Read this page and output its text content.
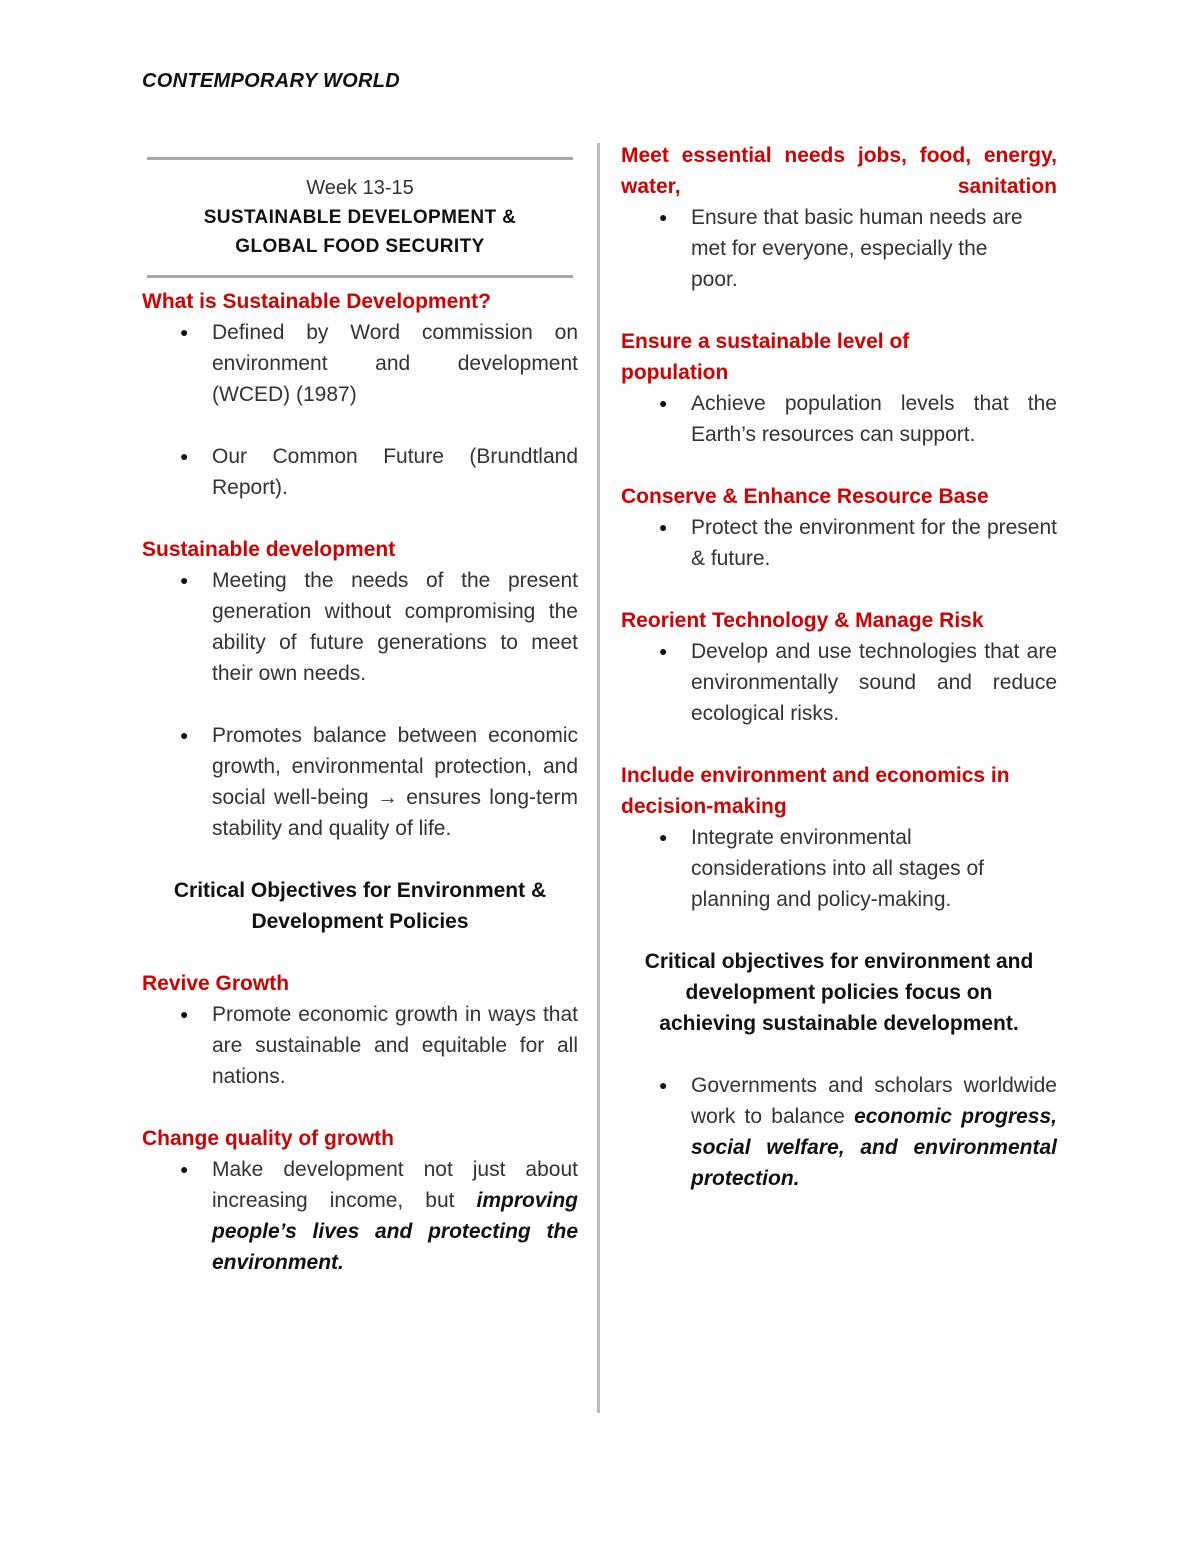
CONTEMPORARY WORLD
Week 13-15
SUSTAINABLE DEVELOPMENT &
GLOBAL FOOD SECURITY

What is Sustainable Development?

● Defined by Word commission on environment and development (WCED) (1987)
● Our Common Future (Brundtland Report).

Sustainable development

● Meeting the needs of the present generation without compromising the ability of future generations to meet their own needs.
● Promotes balance between economic growth, environmental protection, and social well-being → ensures long-term stability and quality of life.

Critical Objectives for Environment &

Development Policies

Revive Growth

● Promote economic growth in ways that are sustainable and equitable for all nations.

Change quality of growth

● Make development not just about increasing income, but improving people’s lives and protecting the environment.

Meet essential needs jobs, food, energy, water, sanitation

● Ensure that basic human needs are met for everyone, especially the poor.

Ensure a sustainable level of

population

● Achieve population levels that the Earth’s resources can support.

Conserve & Enhance Resource Base

● Protect the environment for the present & future.

Reorient Technology & Manage Risk

● Develop and use technologies that are environmentally sound and reduce ecological risks.

Include environment and economics in

decision-making

● Integrate environmental considerations into all stages of planning and policy-making.

Critical objectives for environment and

development policies focus on

achieving sustainable development.

● Governments and scholars worldwide work to balance economic progress, social welfare, and environmental protection.
